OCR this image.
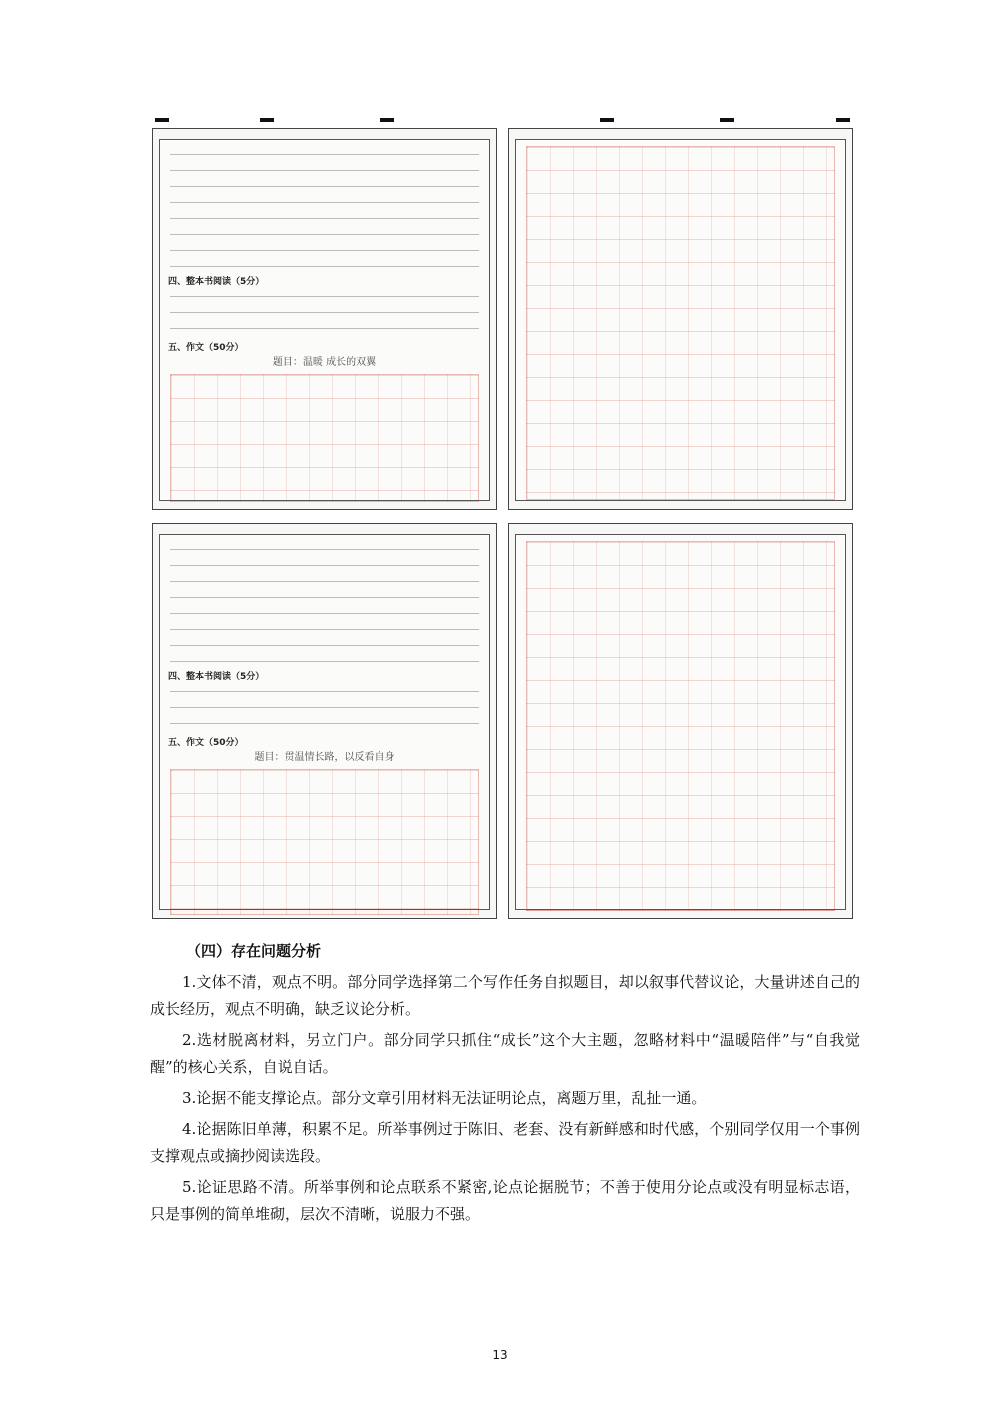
四、整本书阅读（5分）
五、作文（50分）
题目：温暖 成长的双翼
四、整本书阅读（5分）
五、作文（50分）
题目：贯温情长路，以反看自身
（四）存在问题分析

1.文体不清，观点不明。部分同学选择第二个写作任务自拟题目，却以叙事代替议论，大量讲述自己的成长经历，观点不明确，缺乏议论分析。

2.选材脱离材料，另立门户。部分同学只抓住“成长”这个大主题，忽略材料中“温暖陪伴”与“自我觉醒”的核心关系，自说自话。

3.论据不能支撑论点。部分文章引用材料无法证明论点，离题万里，乱扯一通。

4.论据陈旧单薄，积累不足。所举事例过于陈旧、老套、没有新鲜感和时代感，个别同学仅用一个事例支撑观点或摘抄阅读选段。

5.论证思路不清。所举事例和论点联系不紧密,论点论据脱节；不善于使用分论点或没有明显标志语，只是事例的简单堆砌，层次不清晰，说服力不强。

13
